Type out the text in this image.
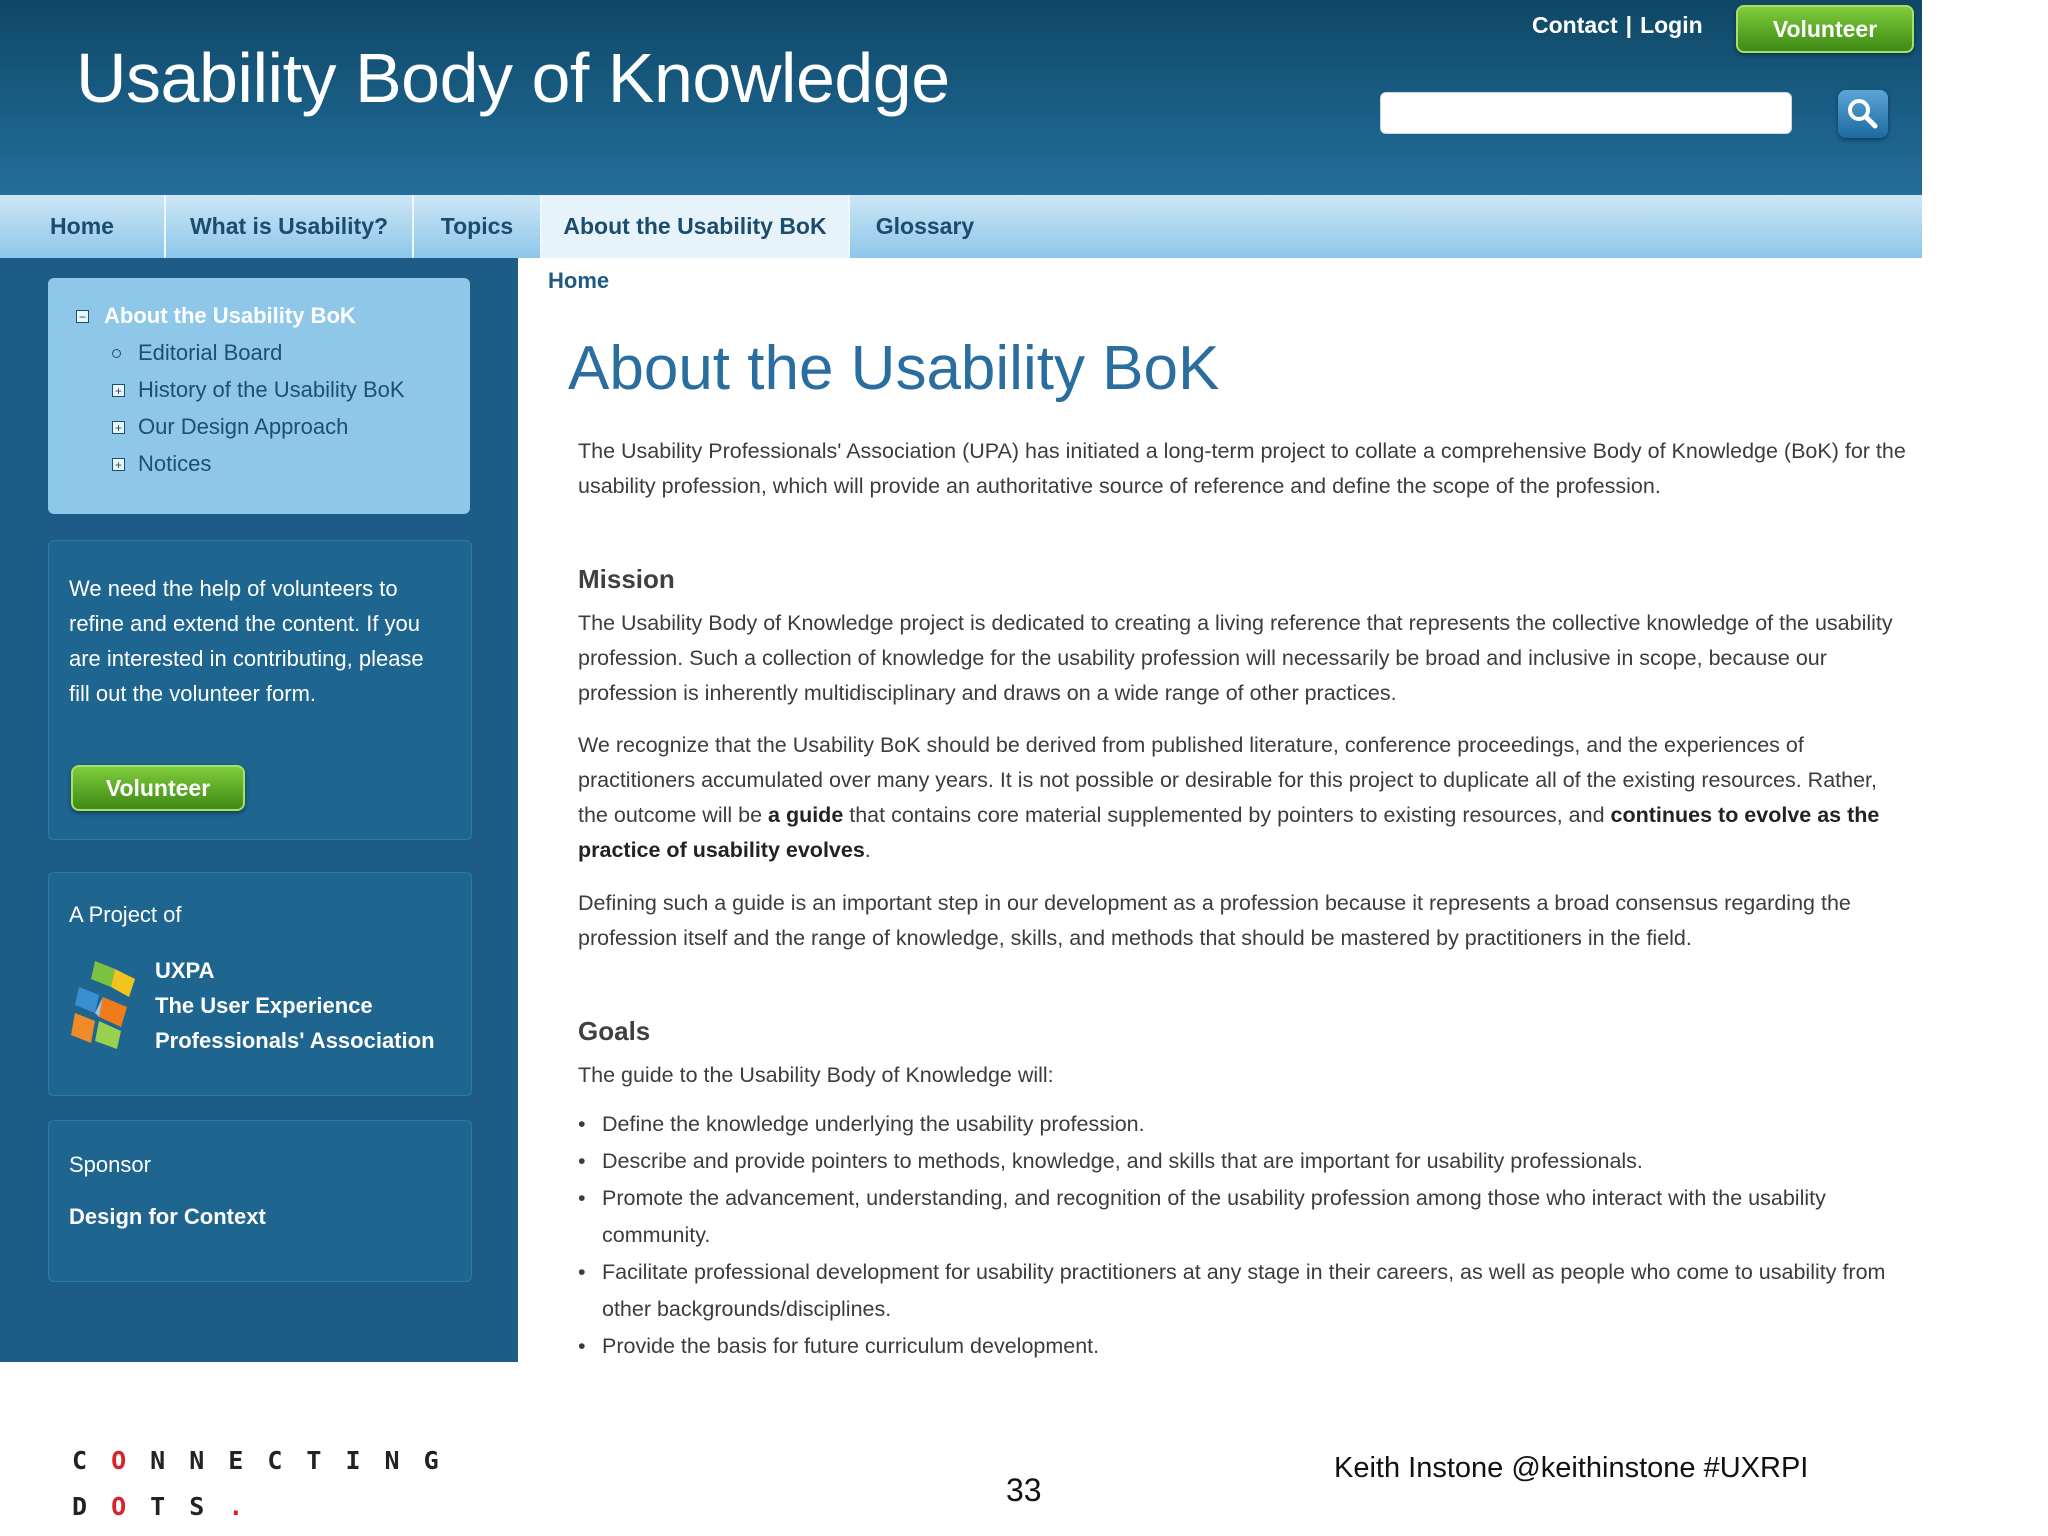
Usability Body of Knowledge
Contact | Login	Volunteer
Home	What is Usability?	Topics	About the Usability BoK	Glossary
− About the Usability BoK
Editorial Board
+ History of the Usability BoK
+ Our Design Approach
+ Notices
We need the help of volunteers to
refine and extend the content. If you
are interested in contributing, please
fill out the volunteer form.
Volunteer
A Project of
UXPA
The User Experience
Professionals' Association
Sponsor
Design for Context
Home
About the Usability BoK
The Usability Professionals' Association (UPA) has initiated a long-term project to collate a comprehensive Body of Knowledge (BoK) for the usability profession, which will provide an authoritative source of reference and define the scope of the profession.
Mission
The Usability Body of Knowledge project is dedicated to creating a living reference that represents the collective knowledge of the usability profession. Such a collection of knowledge for the usability profession will necessarily be broad and inclusive in scope, because our profession is inherently multidisciplinary and draws on a wide range of other practices.
We recognize that the Usability BoK should be derived from published literature, conference proceedings, and the experiences of practitioners accumulated over many years. It is not possible or desirable for this project to duplicate all of the existing resources. Rather, the outcome will be a guide that contains core material supplemented by pointers to existing resources, and continues to evolve as the practice of usability evolves.
Defining such a guide is an important step in our development as a profession because it represents a broad consensus regarding the profession itself and the range of knowledge, skills, and methods that should be mastered by practitioners in the field.
Goals
The guide to the Usability Body of Knowledge will:
• Define the knowledge underlying the usability profession.
• Describe and provide pointers to methods, knowledge, and skills that are important for usability professionals.
• Promote the advancement, understanding, and recognition of the usability profession among those who interact with the usability community.
• Facilitate professional development for usability practitioners at any stage in their careers, as well as people who come to usability from other backgrounds/disciplines.
• Provide the basis for future curriculum development.
CONNECTING
DOTS.	33
Keith Instone @keithinstone #UXRPI
